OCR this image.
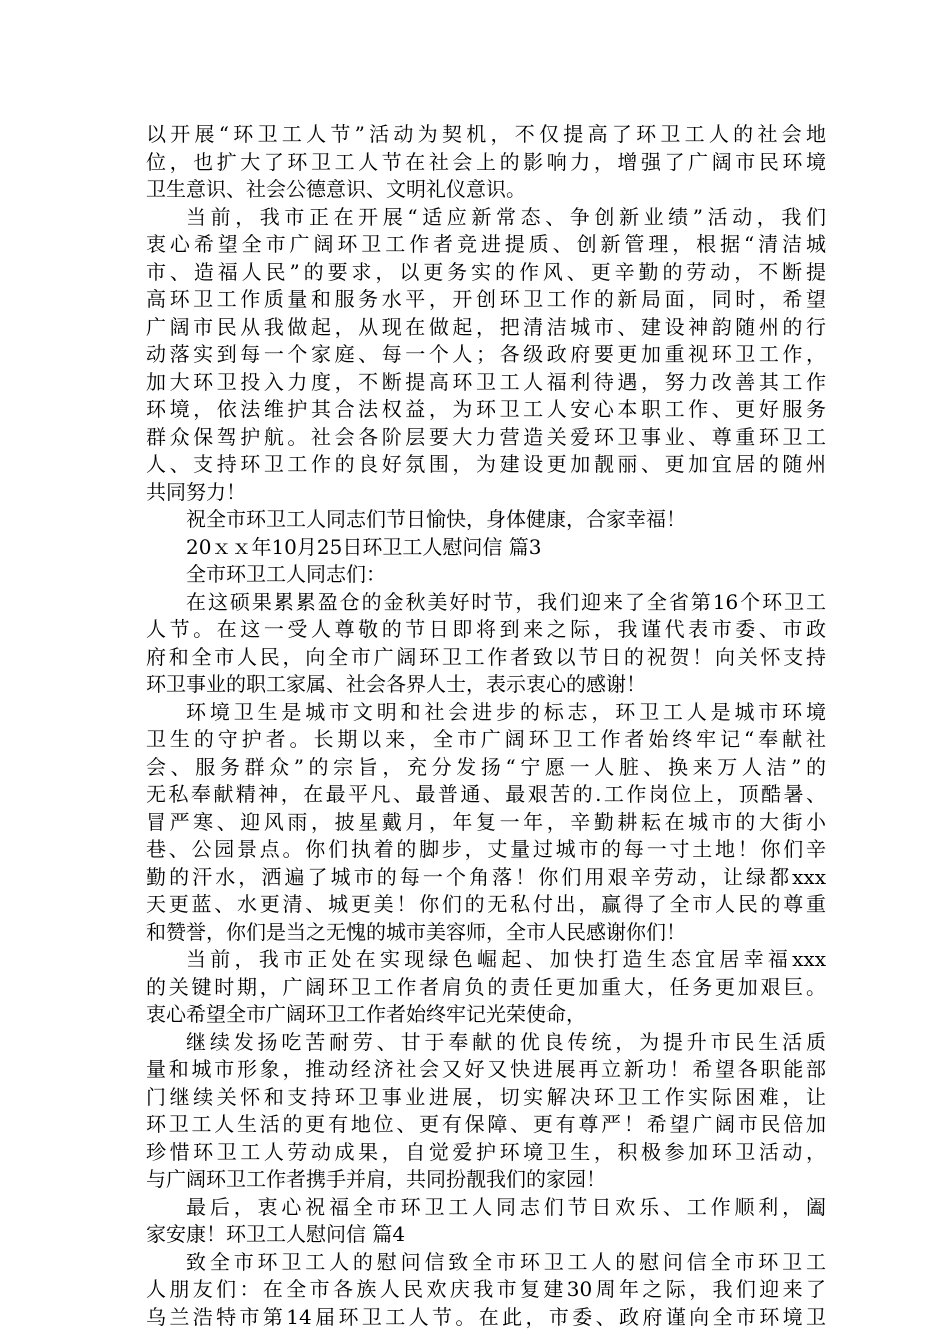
以开展“环卫工人节”活动为契机，不仅提高了环卫工人的社会地
位，也扩大了环卫工人节在社会上的影响力，增强了广阔市民环境
卫生意识、社会公德意识、文明礼仪意识。
当前，我市正在开展“适应新常态、争创新业绩”活动，我们
衷心希望全市广阔环卫工作者竞进提质、创新管理，根据“清洁城
市、造福人民”的要求，以更务实的作风、更辛勤的劳动，不断提
高环卫工作质量和服务水平，开创环卫工作的新局面，同时，希望
广阔市民从我做起，从现在做起，把清洁城市、建设神韵随州的行
动落实到每一个家庭、每一个人；各级政府要更加重视环卫工作，
加大环卫投入力度，不断提高环卫工人福利待遇，努力改善其工作
环境，依法维护其合法权益，为环卫工人安心本职工作、更好服务
群众保驾护航。社会各阶层要大力营造关爱环卫事业、尊重环卫工
人、支持环卫工作的良好氛围，为建设更加靓丽、更加宜居的随州
共同努力！
祝全市环卫工人同志们节日愉快，身体健康，合家幸福！
20ｘｘ年10月25日环卫工人慰问信 篇3
全市环卫工人同志们：
在这硕果累累盈仓的金秋美好时节，我们迎来了全省第16个环卫工
人节。在这一受人尊敬的节日即将到来之际，我谨代表市委、市政
府和全市人民，向全市广阔环卫工作者致以节日的祝贺！向关怀支持
环卫事业的职工家属、社会各界人士，表示衷心的感谢！
环境卫生是城市文明和社会进步的标志，环卫工人是城市环境
卫生的守护者。长期以来，全市广阔环卫工作者始终牢记“奉献社
会、服务群众”的宗旨，充分发扬“宁愿一人脏、换来万人洁”的
无私奉献精神，在最平凡、最普通、最艰苦的.工作岗位上，顶酷暑、
冒严寒、迎风雨，披星戴月，年复一年，辛勤耕耘在城市的大街小
巷、公园景点。你们执着的脚步，丈量过城市的每一寸土地！你们辛
勤的汗水，洒遍了城市的每一个角落！你们用艰辛劳动，让绿都xxx
天更蓝、水更清、城更美！你们的无私付出，赢得了全市人民的尊重
和赞誉，你们是当之无愧的城市美容师，全市人民感谢你们！
当前，我市正处在实现绿色崛起、加快打造生态宜居幸福xxx
的关键时期，广阔环卫工作者肩负的责任更加重大，任务更加艰巨。
衷心希望全市广阔环卫工作者始终牢记光荣使命，
继续发扬吃苦耐劳、甘于奉献的优良传统，为提升市民生活质
量和城市形象，推动经济社会又好又快进展再立新功！希望各职能部
门继续关怀和支持环卫事业进展，切实解决环卫工作实际困难，让
环卫工人生活的更有地位、更有保障、更有尊严！希望广阔市民倍加
珍惜环卫工人劳动成果，自觉爱护环境卫生，积极参加环卫活动，
与广阔环卫工作者携手并肩，共同扮靓我们的家园！
最后，衷心祝福全市环卫工人同志们节日欢乐、工作顺利，阖
家安康！环卫工人慰问信 篇4
致全市环卫工人的慰问信致全市环卫工人的慰问信全市环卫工
人朋友们：在全市各族人民欢庆我市复建30周年之际，我们迎来了
乌兰浩特市第14届环卫工人节。在此，市委、政府谨向全市环境卫
